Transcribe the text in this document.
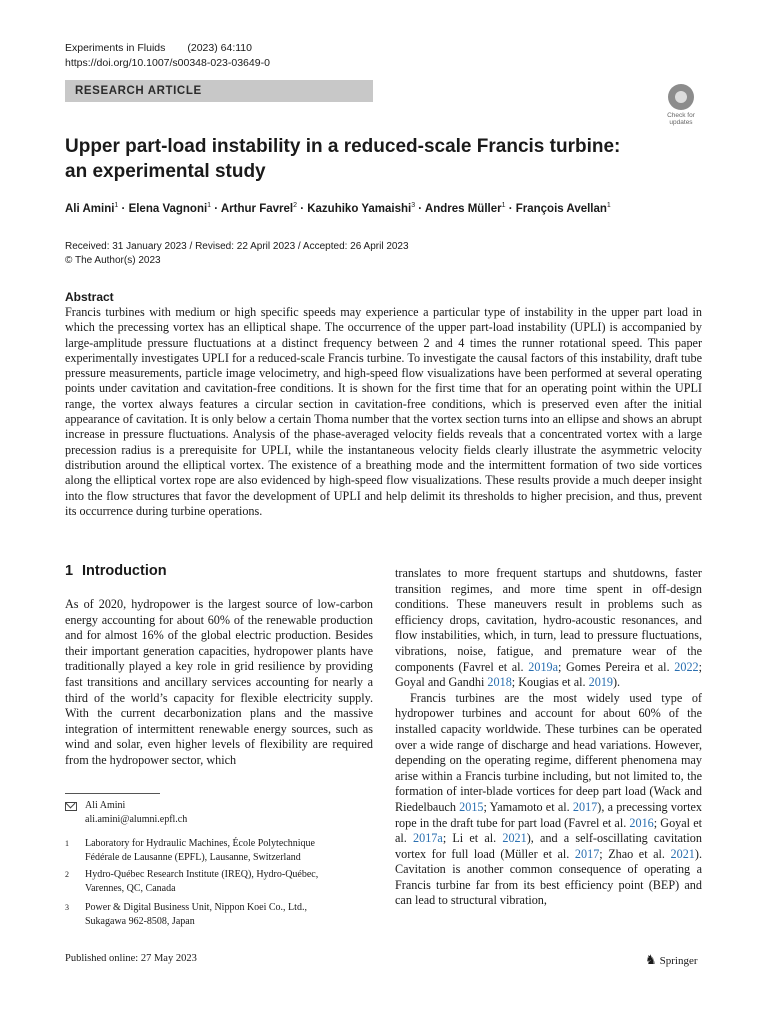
Experiments in Fluids (2023) 64:110
https://doi.org/10.1007/s00348-023-03649-0
RESEARCH ARTICLE
Check for updates
Upper part-load instability in a reduced-scale Francis turbine: an experimental study
Ali Amini$^1$ · Elena Vagnoni$^1$ · Arthur Favrel$^2$ · Kazuhiko Yamaishi$^3$ · Andres Müller$^1$ · François Avellan$^1$
Received: 31 January 2023 / Revised: 22 April 2023 / Accepted: 26 April 2023
© The Author(s) 2023
Abstract
Francis turbines with medium or high specific speeds may experience a particular type of instability in the upper part load in which the precessing vortex has an elliptical shape. The occurrence of the upper part-load instability (UPLI) is accompanied by large-amplitude pressure fluctuations at a distinct frequency between 2 and 4 times the runner rotational speed. This paper experimentally investigates UPLI for a reduced-scale Francis turbine. To investigate the causal factors of this instability, draft tube pressure measurements, particle image velocimetry, and high-speed flow visualizations have been performed at several operating points under cavitation and cavitation-free conditions. It is shown for the first time that for an operating point within the UPLI range, the vortex always features a circular section in cavitation-free conditions, which is preserved even after the initial appearance of cavitation. It is only below a certain Thoma number that the vortex section turns into an ellipse and shows an abrupt increase in pressure fluctuations. Analysis of the phase-averaged velocity fields reveals that a concentrated vortex with a large precession radius is a prerequisite for UPLI, while the instantaneous velocity fields clearly illustrate the asymmetric velocity distribution around the elliptical vortex. The existence of a breathing mode and the intermittent formation of two side vortices along the elliptical vortex rope are also evidenced by high-speed flow visualizations. These results provide a much deeper insight into the flow structures that favor the development of UPLI and help delimit its thresholds to higher precision, and thus, prevent its occurrence during turbine operations.
1 Introduction
As of 2020, hydropower is the largest source of low-carbon energy accounting for about 60% of the renewable production and for almost 16% of the global electric production. Besides their important generation capacities, hydropower plants have traditionally played a key role in grid resilience by providing fast transitions and ancillary services accounting for nearly a third of the world’s capacity for flexible electricity supply. With the current decarbonization plans and the massive integration of intermittent renewable energy sources, such as wind and solar, even higher levels of flexibility are required from the hydropower sector, which

translates to more frequent startups and shutdowns, faster transition regimes, and more time spent in off-design conditions. These maneuvers result in problems such as efficiency drops, cavitation, hydro-acoustic resonances, and flow instabilities, which, in turn, lead to pressure fluctuations, vibrations, noise, fatigue, and premature wear of the components (Favrel et al. 2019a; Gomes Pereira et al. 2022; Goyal and Gandhi 2018; Kougias et al. 2019).

Francis turbines are the most widely used type of hydropower turbines and account for about 60% of the installed capacity worldwide. These turbines can be operated over a wide range of discharge and head variations. However, depending on the operating regime, different phenomena may arise within a Francis turbine including, but not limited to, the formation of inter-blade vortices for deep part load (Wack and Riedelbauch 2015; Yamamoto et al. 2017), a precessing vortex rope in the draft tube for part load (Favrel et al. 2016; Goyal et al. 2017a; Li et al. 2021), and a self-oscillating cavitation vortex for full load (Müller et al. 2017; Zhao et al. 2021). Cavitation is another common consequence of operating a Francis turbine far from its best efficiency point (BEP) and can lead to structural vibration,

Ali Amini
ali.amini@alumni.epfl.ch
1 Laboratory for Hydraulic Machines, École Polytechnique Fédérale de Lausanne (EPFL), Lausanne, Switzerland
2 Hydro-Québec Research Institute (IREQ), Hydro-Québec, Varennes, QC, Canada
3 Power & Digital Business Unit, Nippon Koei Co., Ltd., Sukagawa 962-8508, Japan
Published online: 27 May 2023	♞ Springer
